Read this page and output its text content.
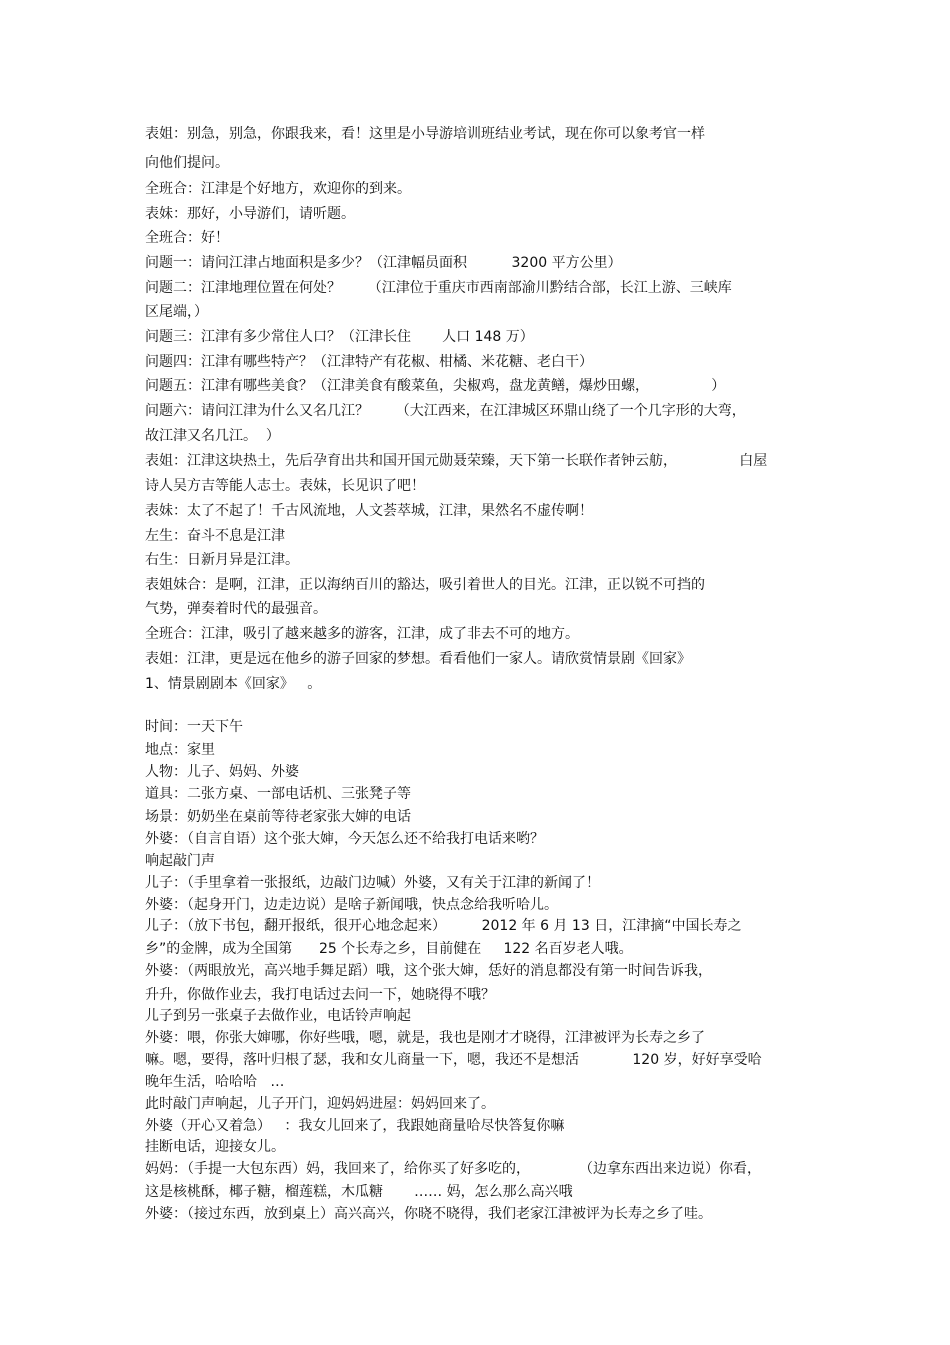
表姐：别急，别急，你跟我来，看！这里是小导游培训班结业考试，现在你可以象考官一样
向他们提问。
全班合：江津是个好地方，欢迎你的到来。
表妹：那好，小导游们，请听题。
全班合：好！
问题一：请问江津占地面积是多少？（江津幅员面积          3200 平方公里）
问题二：江津地理位置在何处？      （江津位于重庆市西南部渝川黔结合部，长江上游、三峡库
区尾端，）
问题三：江津有多少常住人口？（江津长住       人口 148 万）
问题四：江津有哪些特产？（江津特产有花椒、柑橘、米花糖、老白干）
问题五：江津有哪些美食？（江津美食有酸菜鱼，尖椒鸡，盘龙黄鳝，爆炒田螺，              ）
问题六：请问江津为什么又名几江？      （大江西来，在江津城区环鼎山绕了一个几字形的大弯，
故江津又名几江。  ）
表姐：江津这块热土，先后孕育出共和国开国元勋聂荣臻，天下第一长联作者钟云舫，              白屋
诗人吴方吉等能人志士。表妹，长见识了吧！
表妹：太了不起了！千古风流地，人文荟萃城，江津，果然名不虚传啊！
左生：奋斗不息是江津
右生：日新月异是江津。
表姐妹合：是啊，江津，正以海纳百川的豁达，吸引着世人的目光。江津，正以锐不可挡的
气势，弹奏着时代的最强音。
全班合：江津，吸引了越来越多的游客，江津，成了非去不可的地方。
表姐：江津，更是远在他乡的游子回家的梦想。看看他们一家人。请欣赏情景剧《回家》
1、情景剧剧本《回家》   。
时间：一天下午
地点：家里
人物：儿子、妈妈、外婆
道具：二张方桌、一部电话机、三张凳子等
场景：奶奶坐在桌前等待老家张大婶的电话
外婆：（自言自语）这个张大婶，今天怎么还不给我打电话来哟？
响起敲门声
儿子：（手里拿着一张报纸，边敲门边喊）外婆，又有关于江津的新闻了！
外婆：（起身开门，边走边说）是啥子新闻哦，快点念给我听哈儿。
儿子：（放下书包，翻开报纸，很开心地念起来）        2012 年 6 月 13 日，江津摘“中国长寿之
乡”的金牌，成为全国第      25 个长寿之乡，目前健在     122 名百岁老人哦。
外婆：（两眼放光，高兴地手舞足蹈）哦，这个张大婶，恁好的消息都没有第一时间告诉我，
升升，你做作业去，我打电话过去问一下，她晓得不哦？
儿子到另一张桌子去做作业，电话铃声响起
外婆：喂，你张大婶哪，你好些哦，嗯，就是，我也是刚才才晓得，江津被评为长寿之乡了
嘛。嗯，要得，落叶归根了瑟，我和女儿商量一下，嗯，我还不是想活            120 岁，好好享受哈
晚年生活，哈哈哈   …
此时敲门声响起，儿子开门，迎妈妈进屋：妈妈回来了。
外婆（开心又着急）   ：我女儿回来了，我跟她商量哈尽快答复你嘛
挂断电话，迎接女儿。
妈妈：（手提一大包东西）妈，我回来了，给你买了好多吃的，           （边拿东西出来边说）你看，
这是核桃酥，椰子糖，榴莲糕，木瓜糖       …… 妈，怎么那么高兴哦
外婆：（接过东西，放到桌上）高兴高兴，你晓不晓得，我们老家江津被评为长寿之乡了哇。
